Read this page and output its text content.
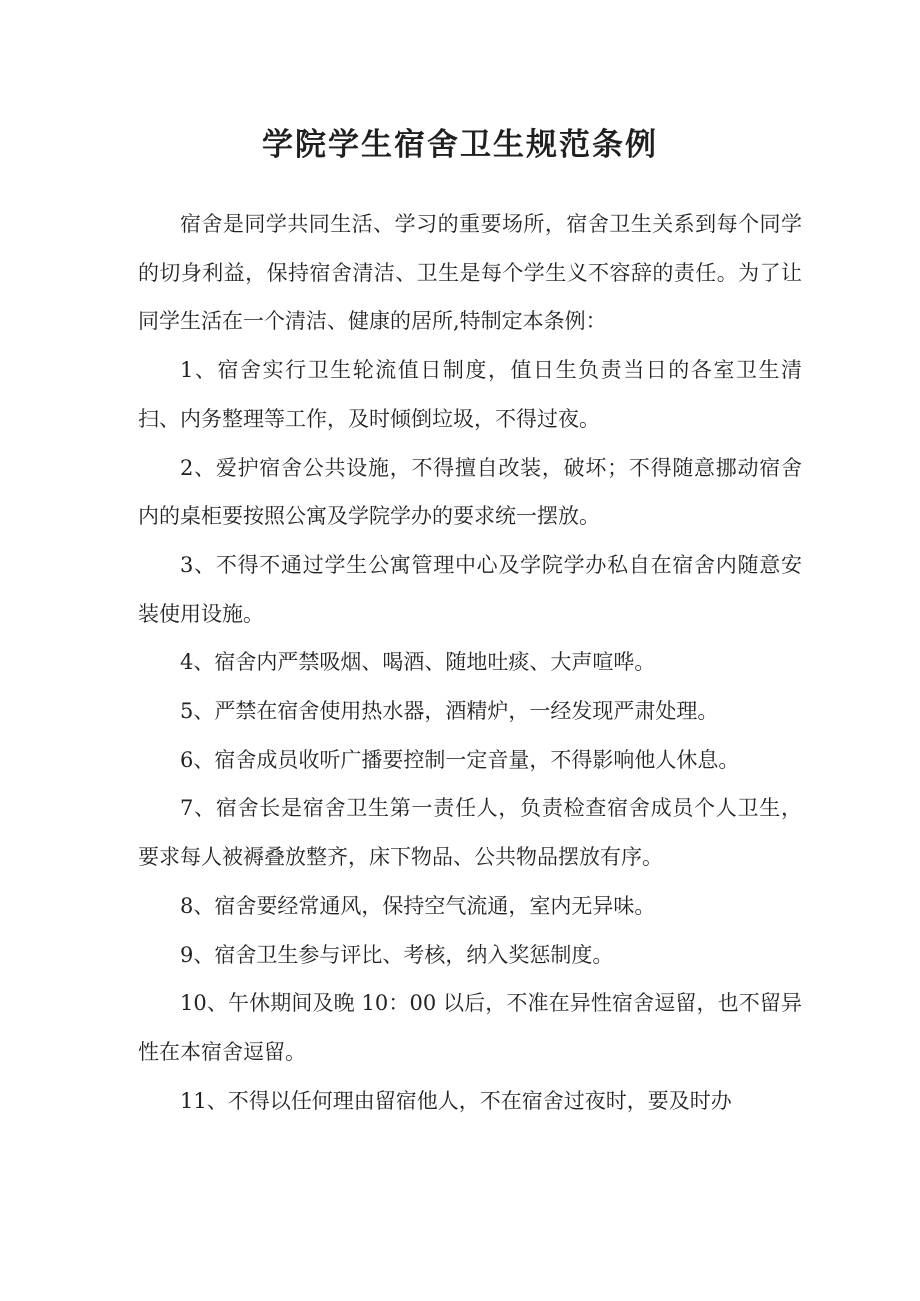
学院学生宿舍卫生规范条例

宿舍是同学共同生活、学习的重要场所，宿舍卫生关系到每个同学的切身利益，保持宿舍清洁、卫生是每个学生义不容辞的责任。为了让同学生活在一个清洁、健康的居所,特制定本条例：

1、宿舍实行卫生轮流值日制度，值日生负责当日的各室卫生清扫、内务整理等工作，及时倾倒垃圾，不得过夜。

2、爱护宿舍公共设施，不得擅自改装，破坏；不得随意挪动宿舍内的桌柜要按照公寓及学院学办的要求统一摆放。

3、不得不通过学生公寓管理中心及学院学办私自在宿舍内随意安装使用设施。

4、宿舍内严禁吸烟、喝酒、随地吐痰、大声喧哗。

5、严禁在宿舍使用热水器，酒精炉，一经发现严肃处理。

6、宿舍成员收听广播要控制一定音量，不得影响他人休息。

7、宿舍长是宿舍卫生第一责任人，负责检查宿舍成员个人卫生，要求每人被褥叠放整齐，床下物品、公共物品摆放有序。

8、宿舍要经常通风，保持空气流通，室内无异味。

9、宿舍卫生参与评比、考核，纳入奖惩制度。

10、午休期间及晚 10：00 以后，不准在异性宿舍逗留，也不留异性在本宿舍逗留。

11、不得以任何理由留宿他人，不在宿舍过夜时，要及时办
